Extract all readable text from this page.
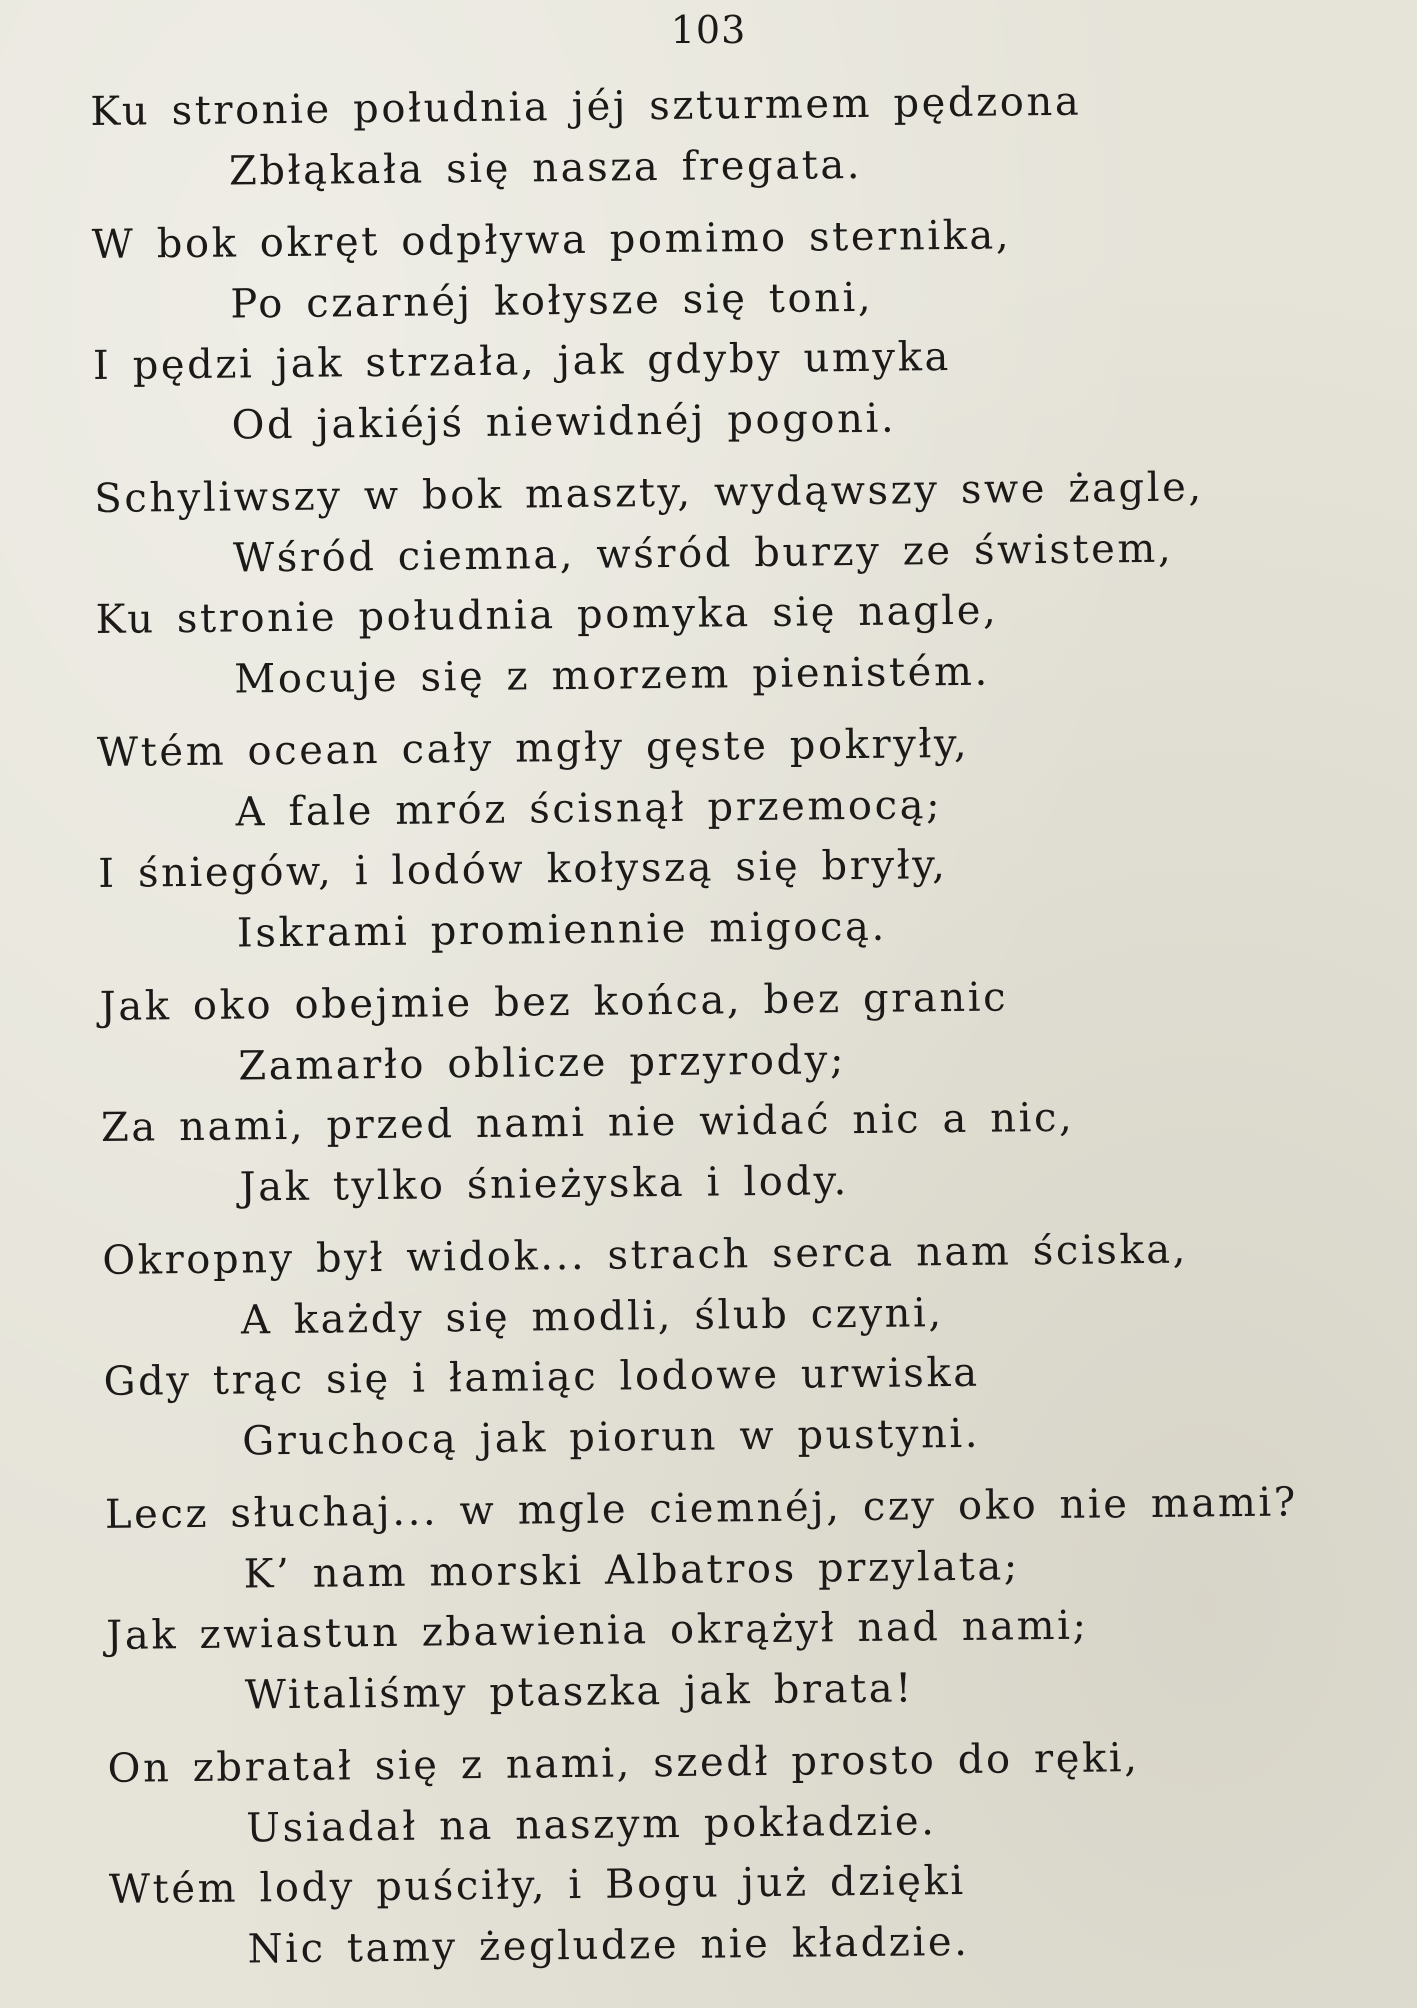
103
Ku stronie południa jéj szturmem pędzona
Zbłąkała się nasza fregata.
W bok okręt odpływa pomimo sternika,
Po czarnéj kołysze się toni,
I pędzi jak strzała, jak gdyby umyka
Od jakiéjś niewidnéj pogoni.
Schyliwszy w bok maszty, wydąwszy swe żagle,
Wśród ciemna, wśród burzy ze świstem,
Ku stronie południa pomyka się nagle,
Mocuje się z morzem pienistém.
Wtém ocean cały mgły gęste pokryły,
A fale mróz ścisnął przemocą;
I śniegów, i lodów kołyszą się bryły,
Iskrami promiennie migocą.
Jak oko obejmie bez końca, bez granic
Zamarło oblicze przyrody;
Za nami, przed nami nie widać nic a nic,
Jak tylko śnieżyska i lody.
Okropny był widok... strach serca nam ściska,
A każdy się modli, ślub czyni,
Gdy trąc się i łamiąc lodowe urwiska
Gruchocą jak piorun w pustyni.
Lecz słuchaj... w mgle ciemnéj, czy oko nie mami?
K’ nam morski Albatros przylata;
Jak zwiastun zbawienia okrążył nad nami;
Witaliśmy ptaszka jak brata!
On zbratał się z nami, szedł prosto do ręki,
Usiadał na naszym pokładzie.
Wtém lody puściły, i Bogu już dzięki
Nic tamy żegludze nie kładzie.
